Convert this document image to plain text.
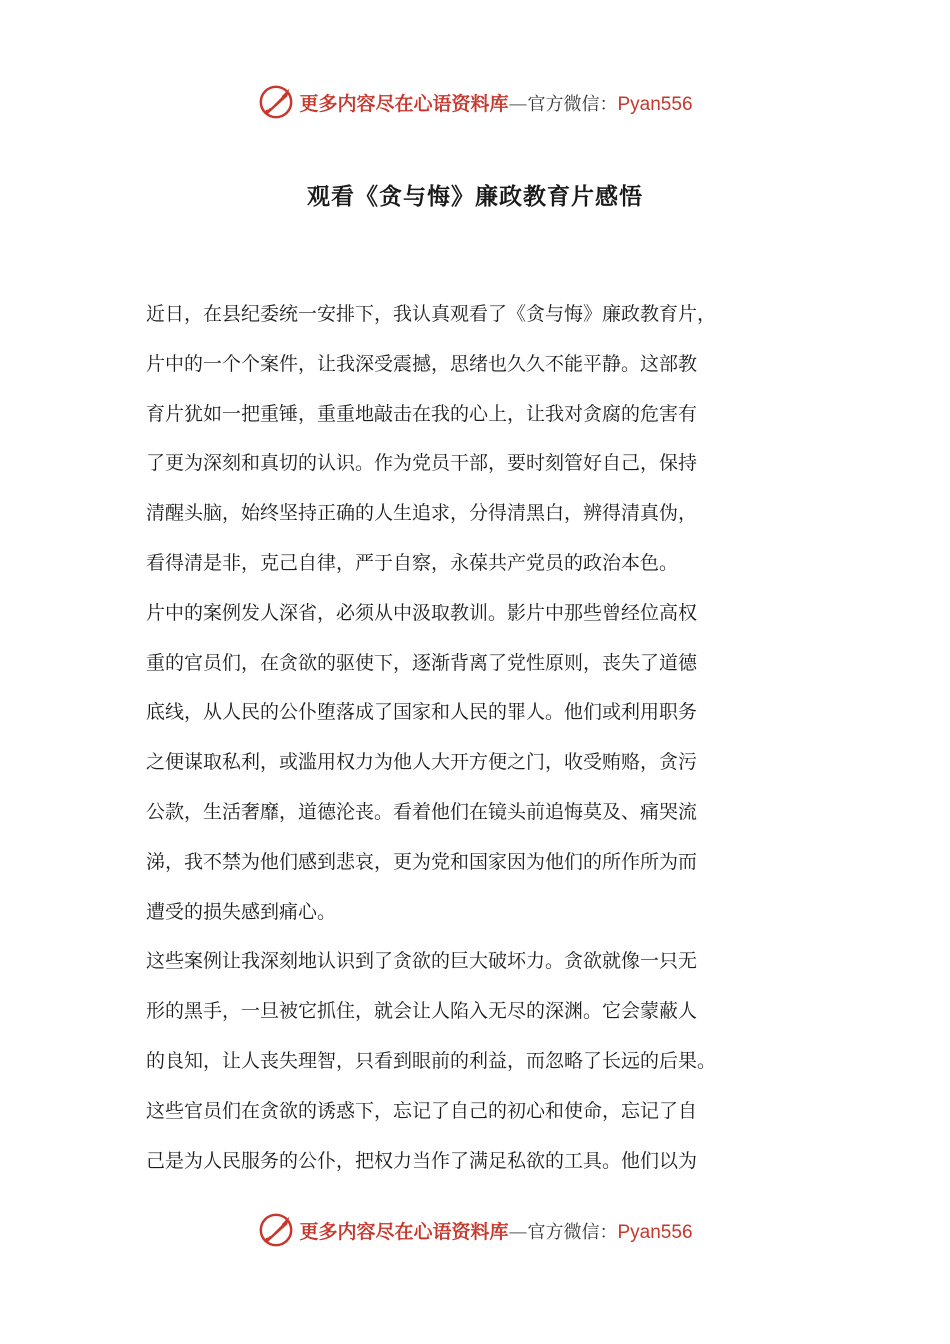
更多内容尽在心语资料库 — 官方微信： Pyan556
观看《贪与悔》廉政教育片感悟
近日，在县纪委统一安排下，我认真观看了《贪与悔》廉政教育片，
片中的一个个案件，让我深受震撼，思绪也久久不能平静。这部教
育片犹如一把重锤，重重地敲击在我的心上，让我对贪腐的危害有
了更为深刻和真切的认识。作为党员干部，要时刻管好自己，保持
清醒头脑，始终坚持正确的人生追求，分得清黑白，辨得清真伪，
看得清是非，克己自律，严于自察，永葆共产党员的政治本色。
片中的案例发人深省，必须从中汲取教训。影片中那些曾经位高权
重的官员们，在贪欲的驱使下，逐渐背离了党性原则，丧失了道德
底线，从人民的公仆堕落成了国家和人民的罪人。他们或利用职务
之便谋取私利，或滥用权力为他人大开方便之门，收受贿赂，贪污
公款，生活奢靡，道德沦丧。看着他们在镜头前追悔莫及、痛哭流
涕，我不禁为他们感到悲哀，更为党和国家因为他们的所作所为而
遭受的损失感到痛心。
这些案例让我深刻地认识到了贪欲的巨大破坏力。贪欲就像一只无
形的黑手，一旦被它抓住，就会让人陷入无尽的深渊。它会蒙蔽人
的良知，让人丧失理智，只看到眼前的利益，而忽略了长远的后果。
这些官员们在贪欲的诱惑下，忘记了自己的初心和使命，忘记了自
己是为人民服务的公仆，把权力当作了满足私欲的工具。他们以为
更多内容尽在心语资料库 — 官方微信： Pyan556
